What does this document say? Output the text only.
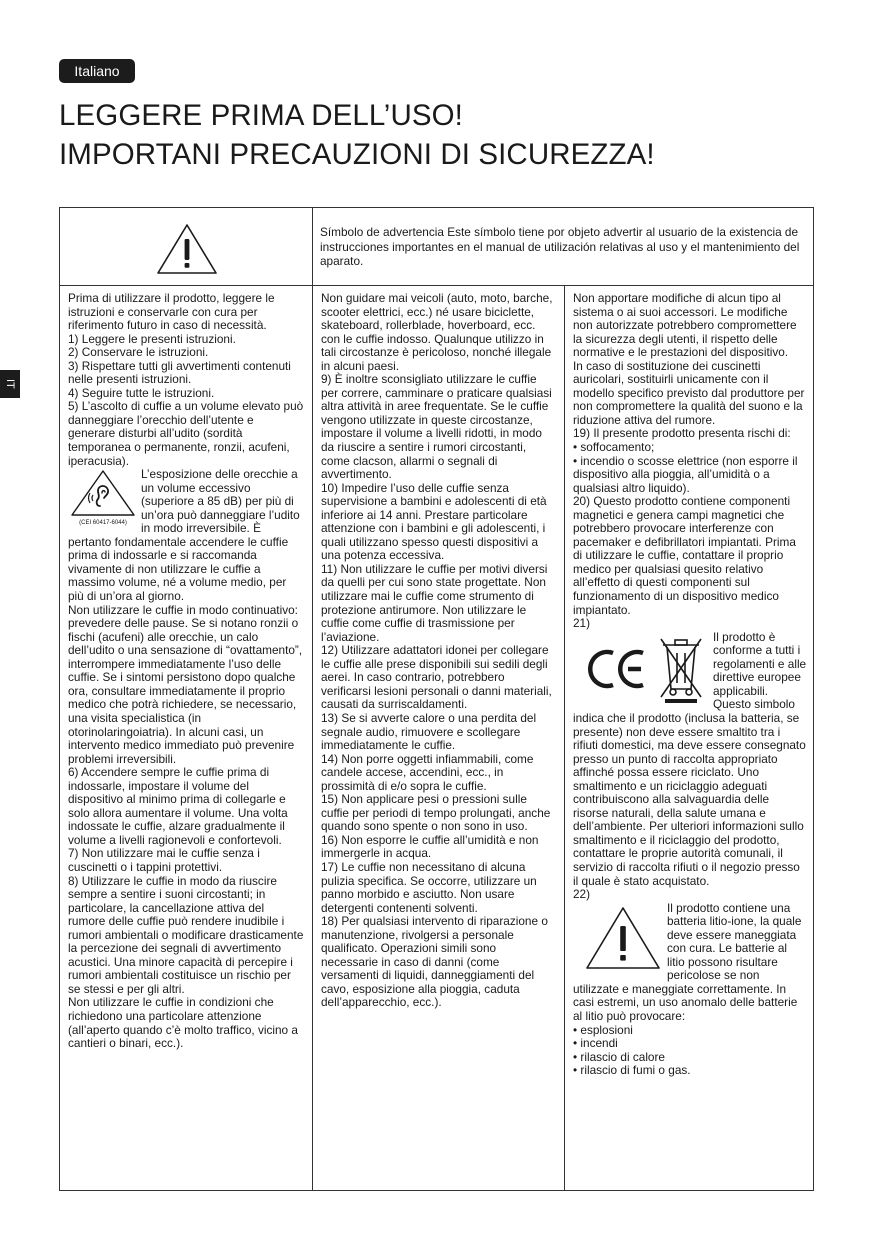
Italiano
IT
LEGGERE PRIMA DELL’USO!
IMPORTANI PRECAUZIONI DI SICUREZZA!
Símbolo de advertencia Este símbolo tiene por objeto advertir al usuario de la existencia de instrucciones importantes en el manual de utilización relativas al uso y el mantenimiento del aparato.

Prima di utilizzare il prodotto, leggere le istruzioni e conservarle con cura per riferimento futuro in caso di necessità.

1) Leggere le presenti istruzioni.

2) Conservare le istruzioni.

3) Rispettare tutti gli avvertimenti contenuti nelle presenti istruzioni.

4) Seguire tutte le istruzioni.

5) L’ascolto di cuffie a un volume elevato può danneggiare l’orecchio dell’utente e generare disturbi all’udito (sordità temporanea o permanente, ronzii, acufeni, iperacusia).

(CEI 60417-6044)

L’esposizione delle orecchie a un volume eccessivo (superiore a 85 dB) per più di un’ora può danneggiare l’udito in modo irreversibile. È pertanto fondamentale accendere le cuffie prima di indossarle e si raccomanda vivamente di non utilizzare le cuffie a massimo volume, né a volume medio, per più di un’ora al giorno.

Non utilizzare le cuffie in modo continuativo: prevedere delle pause. Se si notano ronzii o fischi (acufeni) alle orecchie, un calo dell’udito o una sensazione di “ovattamento”, interrompere immediatamente l’uso delle cuffie. Se i sintomi persistono dopo qualche ora, consultare immediatamente il proprio medico che potrà richiedere, se necessario, una visita specialistica (in otorinolaringoiatria). In alcuni casi, un intervento medico immediato può prevenire problemi irreversibili.

6) Accendere sempre le cuffie prima di indossarle, impostare il volume del dispositivo al minimo prima di collegarle e solo allora aumentare il volume. Una volta indossate le cuffie, alzare gradualmente il volume a livelli ragionevoli e confortevoli.

7) Non utilizzare mai le cuffie senza i cuscinetti o i tappini protettivi.

8) Utilizzare le cuffie in modo da riuscire sempre a sentire i suoni circostanti; in particolare, la cancellazione attiva del rumore delle cuffie può rendere inudibile i rumori ambientali o modificare drasticamente la percezione dei segnali di avvertimento acustici. Una minore capacità di percepire i rumori ambientali costituisce un rischio per se stessi e per gli altri.

Non utilizzare le cuffie in condizioni che richiedono una particolare attenzione (all’aperto quando c’è molto traffico, vicino a cantieri o binari, ecc.).

Non guidare mai veicoli (auto, moto, barche, scooter elettrici, ecc.) né usare biciclette, skateboard, rollerblade, hoverboard, ecc. con le cuffie indosso. Qualunque utilizzo in tali circostanze è pericoloso, nonché illegale in alcuni paesi.

9) È inoltre sconsigliato utilizzare le cuffie per correre, camminare o praticare qualsiasi altra attività in aree frequentate. Se le cuffie vengono utilizzate in queste circostanze, impostare il volume a livelli ridotti, in modo da riuscire a sentire i rumori circostanti, come clacson, allarmi o segnali di avvertimento.

10) Impedire l’uso delle cuffie senza supervisione a bambini e adolescenti di età inferiore ai 14 anni. Prestare particolare attenzione con i bambini e gli adolescenti, i quali utilizzano spesso questi dispositivi a una potenza eccessiva.

11) Non utilizzare le cuffie per motivi diversi da quelli per cui sono state progettate. Non utilizzare mai le cuffie come strumento di protezione antirumore. Non utilizzare le cuffie come cuffie di trasmissione per l’aviazione.

12) Utilizzare adattatori idonei per collegare le cuffie alle prese disponibili sui sedili degli aerei. In caso contrario, potrebbero verificarsi lesioni personali o danni materiali, causati da surriscaldamenti.

13) Se si avverte calore o una perdita del segnale audio, rimuovere e scollegare immediatamente le cuffie.

14) Non porre oggetti infiammabili, come candele accese, accendini, ecc., in prossimità di e/o sopra le cuffie.

15) Non applicare pesi o pressioni sulle cuffie per periodi di tempo prolungati, anche quando sono spente o non sono in uso.

16) Non esporre le cuffie all’umidità e non immergerle in acqua.

17) Le cuffie non necessitano di alcuna pulizia specifica. Se occorre, utilizzare un panno morbido e asciutto. Non usare detergenti contenenti solventi.

18) Per qualsiasi intervento di riparazione o manutenzione, rivolgersi a personale qualificato. Operazioni simili sono necessarie in caso di danni (come versamenti di liquidi, danneggiamenti del cavo, esposizione alla pioggia, caduta dell’apparecchio, ecc.).

Non apportare modifiche di alcun tipo al sistema o ai suoi accessori. Le modifiche non autorizzate potrebbero compromettere la sicurezza degli utenti, il rispetto delle normative e le prestazioni del dispositivo.

In caso di sostituzione dei cuscinetti auricolari, sostituirli unicamente con il modello specifico previsto dal produttore per non compromettere la qualità del suono e la riduzione attiva del rumore.

19) Il presente prodotto presenta rischi di:

• soffocamento;

• incendio o scosse elettrice (non esporre il dispositivo alla pioggia, all’umidità o a qualsiasi altro liquido).

20) Questo prodotto contiene componenti magnetici e genera campi magnetici che potrebbero provocare interferenze con pacemaker e defibrillatori impiantati. Prima di utilizzare le cuffie, contattare il proprio medico per qualsiasi quesito relativo all’effetto di questi componenti sul funzionamento di un dispositivo medico impiantato.

21)

Il prodotto è conforme a tutti i regolamenti e alle direttive europee applicabili. Questo simbolo indica che il prodotto (inclusa la batteria, se presente) non deve essere smaltito tra i rifiuti domestici, ma deve essere consegnato presso un punto di raccolta appropriato affinché possa essere riciclato. Uno smaltimento e un riciclaggio adeguati contribuiscono alla salvaguardia delle risorse naturali, della salute umana e dell’ambiente. Per ulteriori informazioni sullo smaltimento e il riciclaggio del prodotto, contattare le proprie autorità comunali, il servizio di raccolta rifiuti o il negozio presso il quale è stato acquistato.

22)

Il prodotto contiene una batteria litio-ione, la quale deve essere maneggiata con cura. Le batterie al litio possono risultare pericolose se non utilizzate e maneggiate correttamente. In casi estremi, un uso anomalo delle batterie al litio può provocare:

• esplosioni

• incendi

• rilascio di calore

• rilascio di fumi o gas.
